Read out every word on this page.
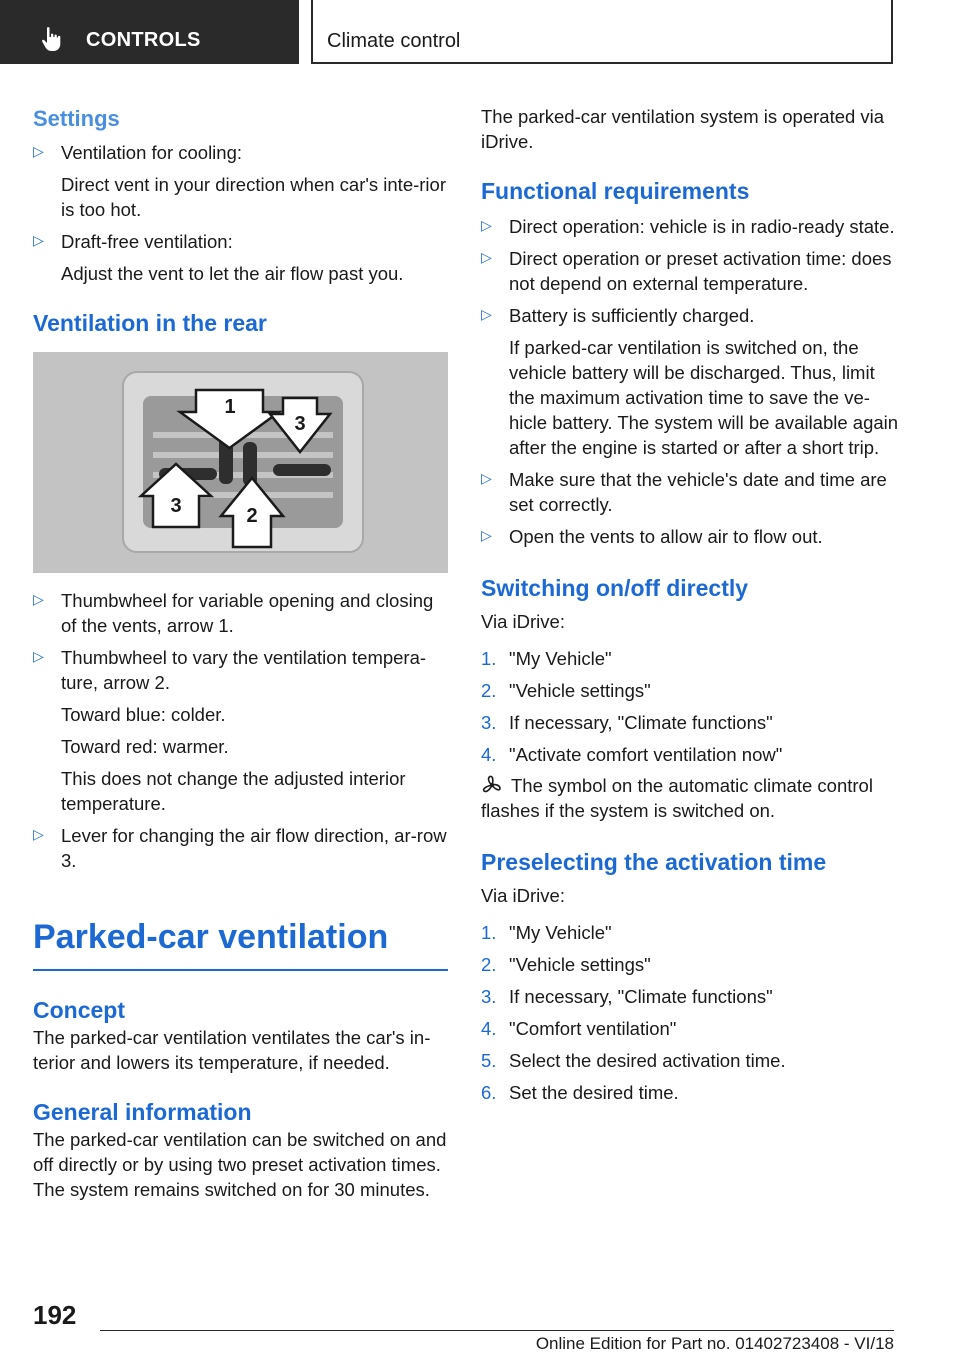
CONTROLS	Climate control
Settings
▷ Ventilation for cooling:
Direct vent in your direction when car's inte-rior is too hot.
▷ Draft-free ventilation:
Adjust the vent to let the air flow past you.
Ventilation in the rear
1
2
3
3
▷ Thumbwheel for variable opening and closing of the vents, arrow 1.
▷ Thumbwheel to vary the ventilation tempera-ture, arrow 2.
Toward blue: colder.
Toward red: warmer.
This does not change the adjusted interior temperature.
▷ Lever for changing the air flow direction, ar-row 3.
Parked-car ventilation
Concept

The parked-car ventilation ventilates the car's in-terior and lowers its temperature, if needed.

General information

The parked-car ventilation can be switched on and off directly or by using two preset activation times. The system remains switched on for 30 minutes.

The parked-car ventilation system is operated via iDrive.

Functional requirements
▷ Direct operation: vehicle is in radio-ready state.
▷ Direct operation or preset activation time: does not depend on external temperature.
▷ Battery is sufficiently charged.
If parked-car ventilation is switched on, the vehicle battery will be discharged. Thus, limit the maximum activation time to save the ve-hicle battery. The system will be available again after the engine is started or after a short trip.
▷ Make sure that the vehicle's date and time are set correctly.
▷ Open the vents to allow air to flow out.
Switching on/off directly

Via iDrive:

1. "My Vehicle"
2. "Vehicle settings"
3. If necessary, "Climate functions"
4. "Activate comfort ventilation now"

The symbol on the automatic climate control flashes if the system is switched on.

Preselecting the activation time

Via iDrive:

1. "My Vehicle"
2. "Vehicle settings"
3. If necessary, "Climate functions"
4. "Comfort ventilation"
5. Select the desired activation time.
6. Set the desired time.
192
Online Edition for Part no. 01402723408 - VI/18
